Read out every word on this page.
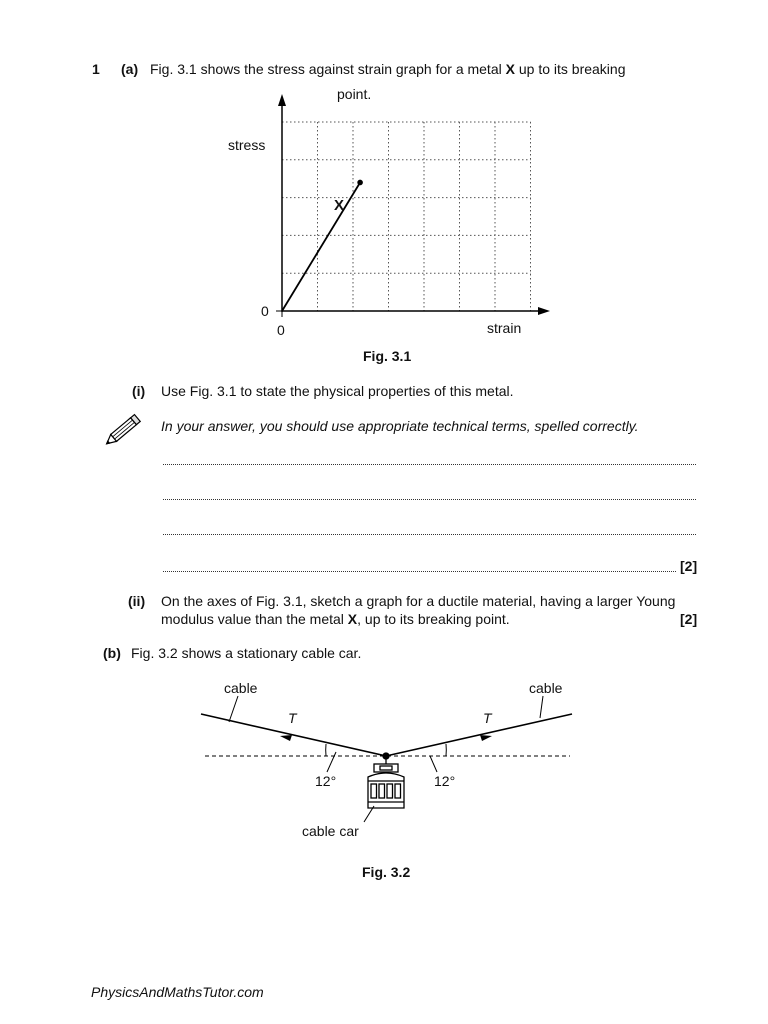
1 (a) Fig. 3.1 shows the stress against strain graph for a metal X up to its breaking
point.
stress
strain
0
0
X
Fig. 3.1
(i) Use Fig. 3.1 to state the physical properties of this metal.
In your answer, you should use appropriate technical terms, spelled correctly.
[2]
(ii) On the axes of Fig. 3.1, sketch a graph for a ductile material, having a larger Young
modulus value than the metal X, up to its breaking point.	[2]
(b) Fig. 3.2 shows a stationary cable car.
cable	cable
T	T
12°	12°
cable car
Fig. 3.2
PhysicsAndMathsTutor.com
